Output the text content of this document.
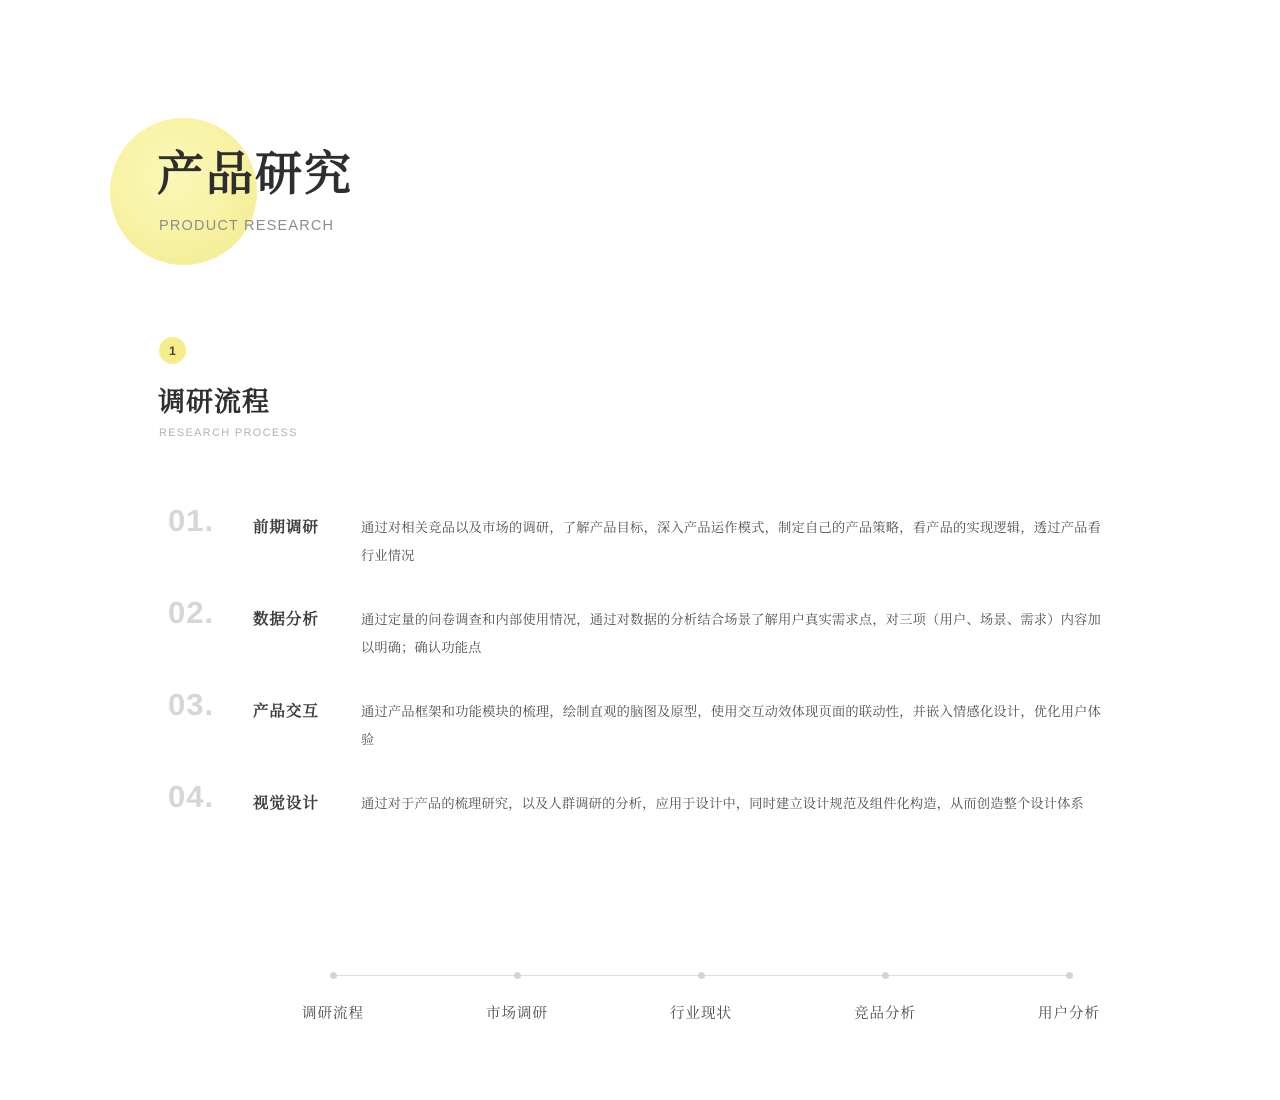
产品研究
PRODUCT RESEARCH
1
调研流程
RESEARCH PROCESS
01.	前期调研	通过对相关竞品以及市场的调研，了解产品目标，深入产品运作模式，制定自己的产品策略，看产品的实现逻辑，透过产品看行业情况
02.	数据分析	通过定量的问卷调查和内部使用情况，通过对数据的分析结合场景了解用户真实需求点，对三项（用户、场景、需求）内容加以明确；确认功能点
03.	产品交互	通过产品框架和功能模块的梳理，绘制直观的脑图及原型，使用交互动效体现页面的联动性，并嵌入情感化设计，优化用户体验
04.	视觉设计	通过对于产品的梳理研究，以及人群调研的分析，应用于设计中，同时建立设计规范及组件化构造，从而创造整个设计体系
调研流程	市场调研	行业现状	竞品分析	用户分析
